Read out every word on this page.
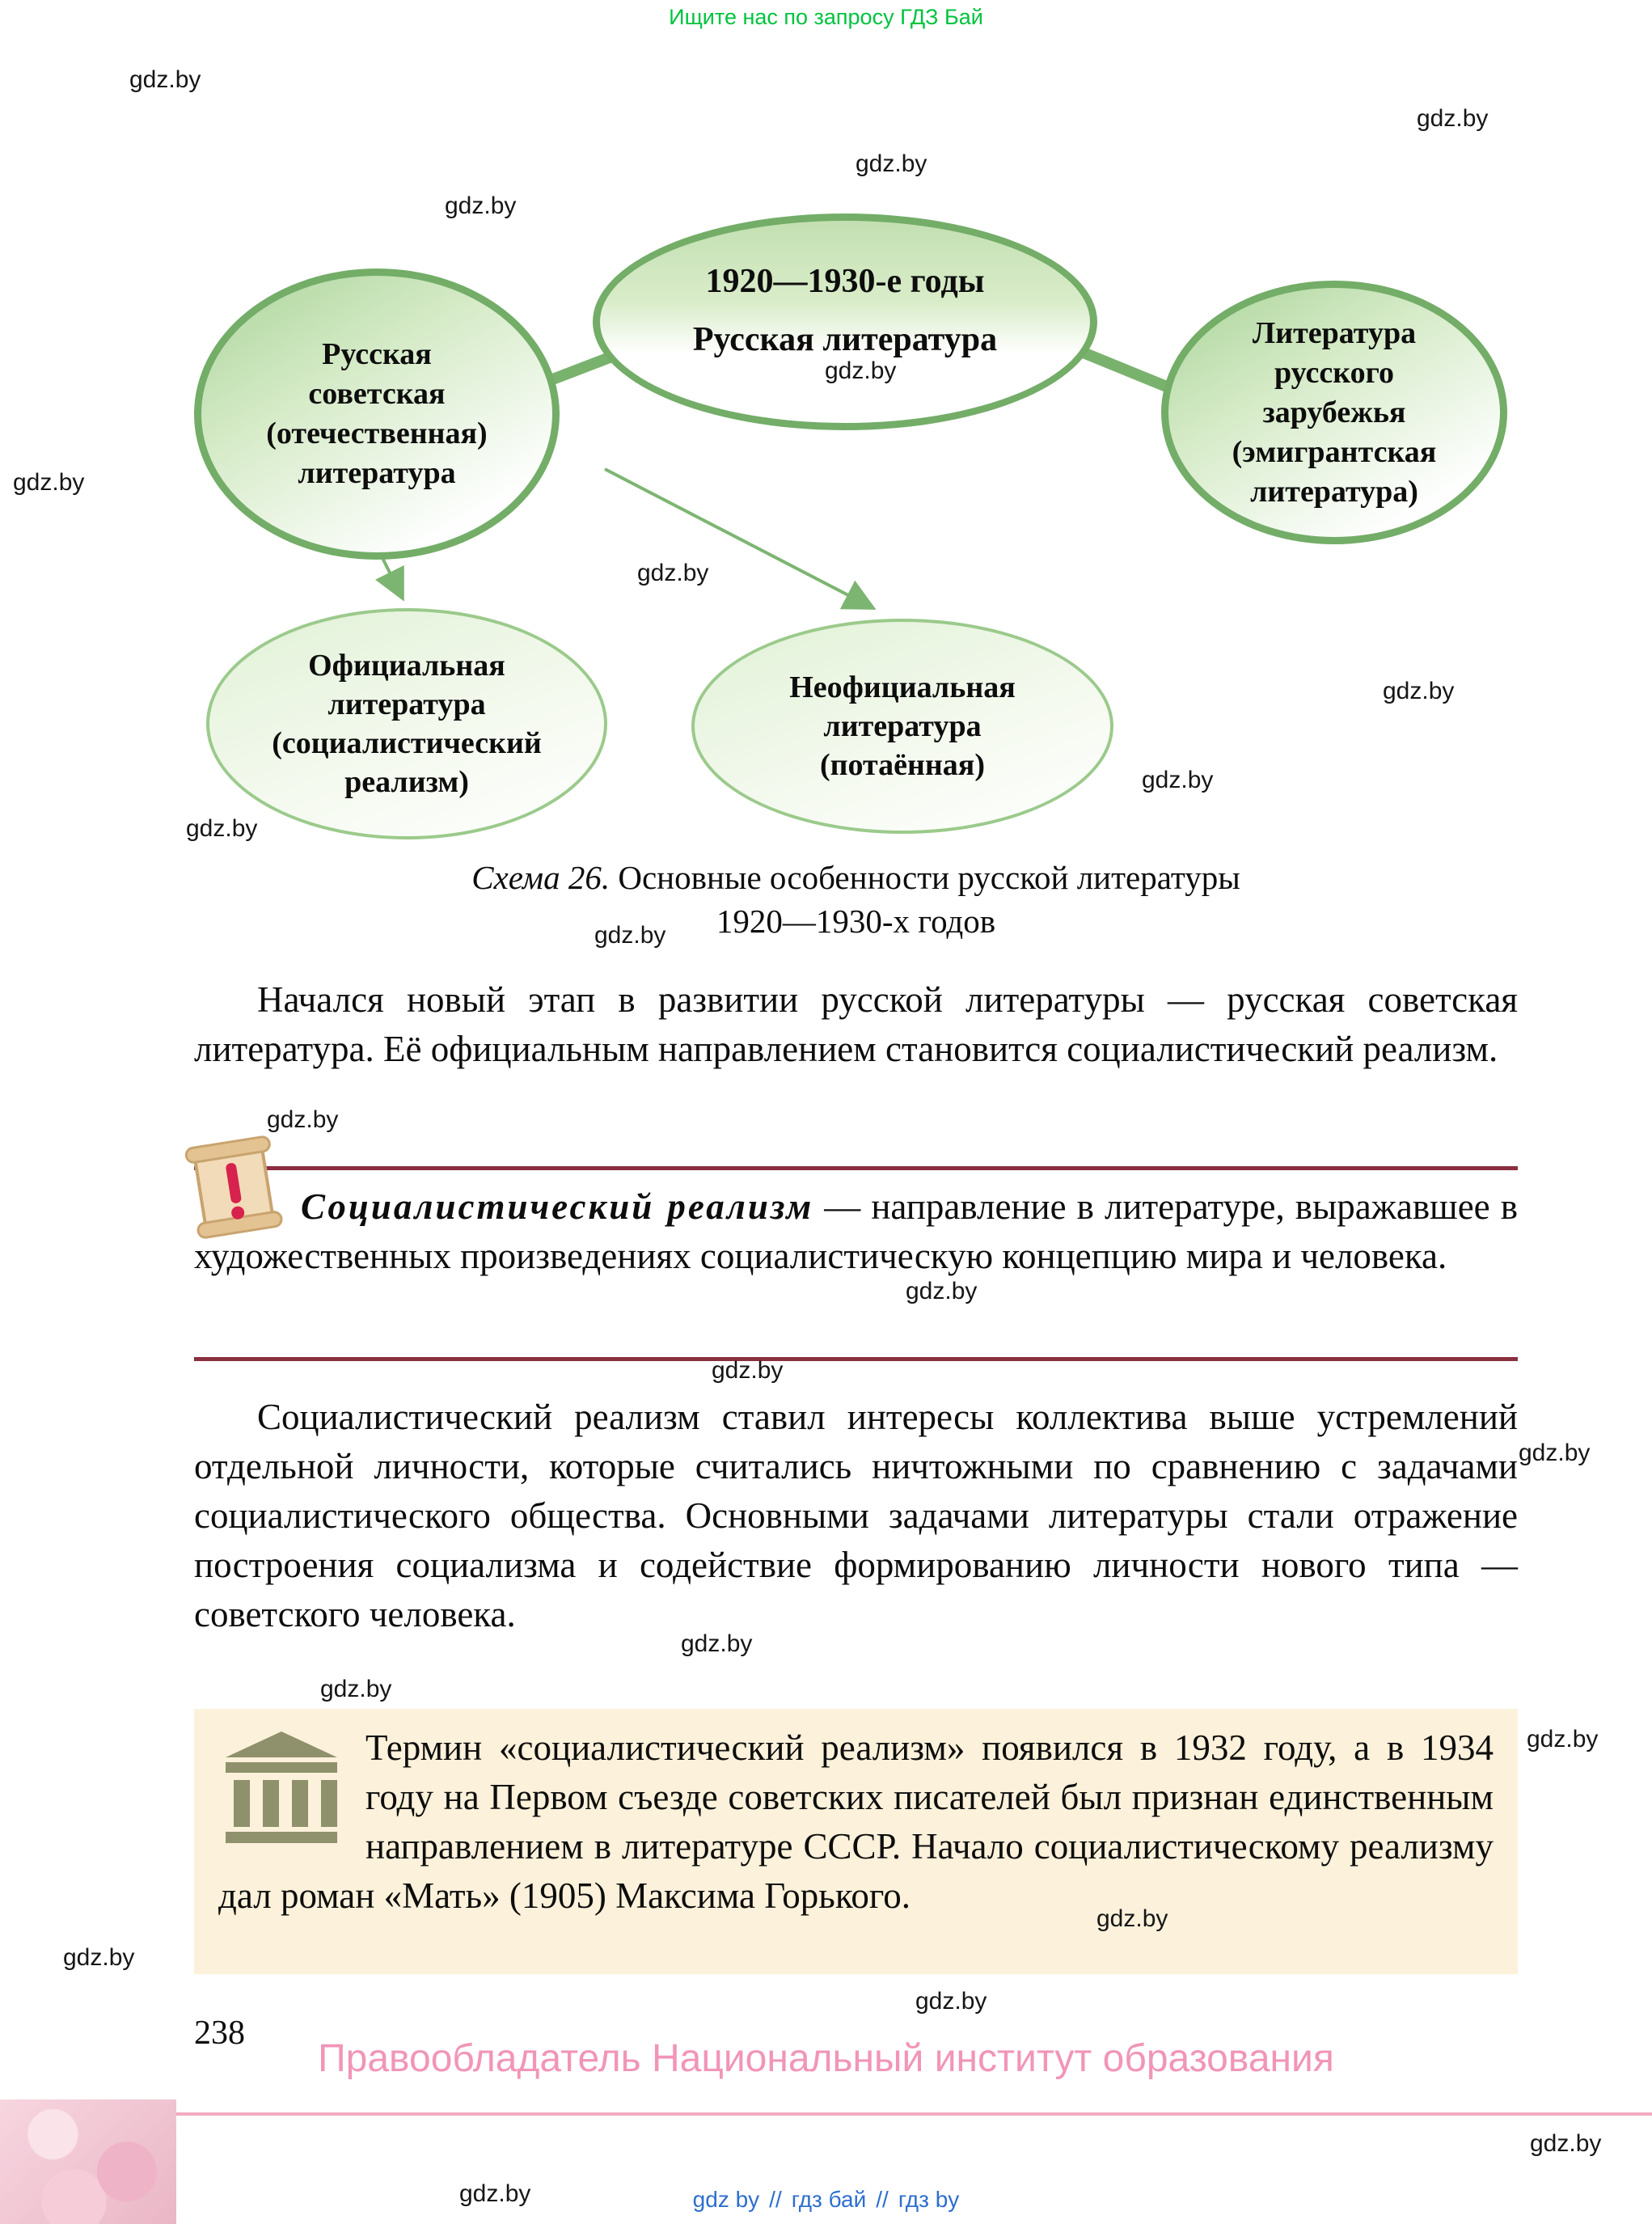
Ищите нас по запросу ГДЗ Бай
1920—1930-е годы
Русская литература
Русская
советская
(отечественная)
литература
Литература
русского
зарубежья
(эмигрантская
литература)
Официальная
литература
(социалистический
реализм)
Неофициальная
литература
(потаённая)
Схема 26. Основные особенности русской литературы
1920—1930-х годов

Начался новый этап в развитии русской литературы — русская советская литература. Её официальным направлением становится социалистический реализм.

Социалистический реализм — направление в литературе, выражавшее в художественных произведениях социалистическую концепцию мира и человека.

Социалистический реализм ставил интересы коллектива выше устремлений отдельной личности, которые считались ничтожными по сравнению с задачами социалистического общества. Основными задачами литературы стали отражение построения социализма и содействие формированию личности нового типа — советского человека.

Термин «социалистический реализм» появился в 1932 году, а в 1934 году на Первом съезде советских писателей был признан единственным направлением в литературе СССР. Начало социалистическому реализму дал роман «Мать» (1905) Максима Горького.

238
Правообладатель Национальный институт образования
gdz by // гдз бай // гдз by
gdz.by
gdz.by
gdz.by
gdz.by
gdz.by
gdz.by
gdz.by
gdz.by
gdz.by
gdz.by
gdz.by
gdz.by
gdz.by
gdz.by
gdz.by
gdz.by
gdz.by
gdz.by
gdz.by
gdz.by
gdz.by
gdz.by
gdz.by
